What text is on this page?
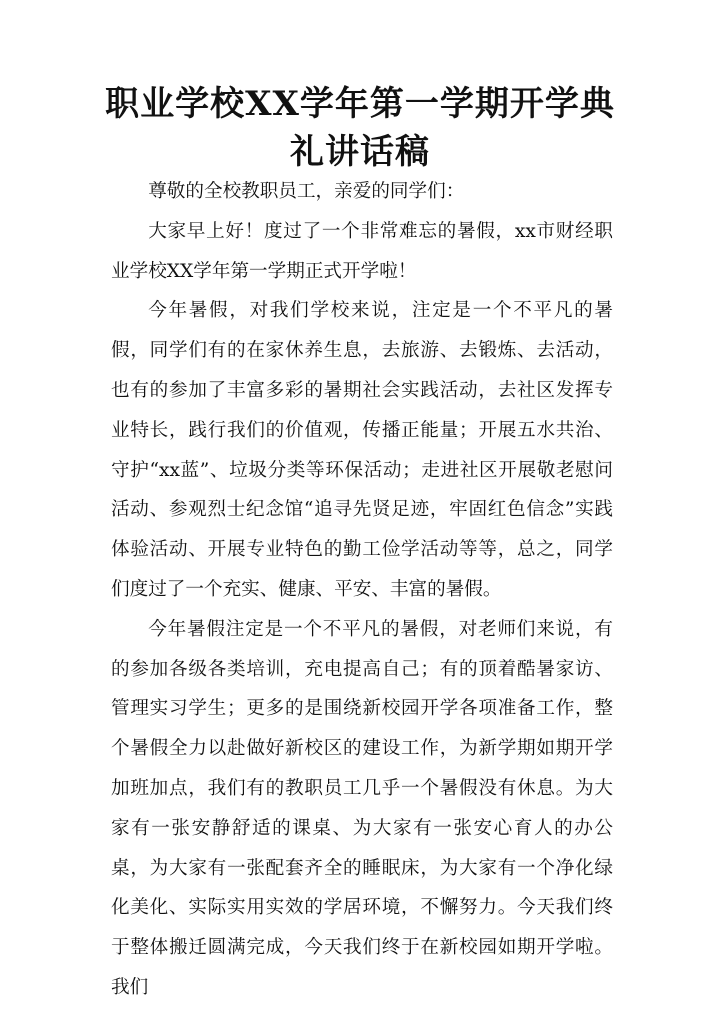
职业学校XX学年第一学期开学典礼讲话稿

尊敬的全校教职员工，亲爱的同学们：

大家早上好！度过了一个非常难忘的暑假，xx市财经职业学校XX学年第一学期正式开学啦！

今年暑假，对我们学校来说，注定是一个不平凡的暑假，同学们有的在家休养生息，去旅游、去锻炼、去活动，也有的参加了丰富多彩的暑期社会实践活动，去社区发挥专业特长，践行我们的价值观，传播正能量；开展五水共治、守护“xx蓝”、垃圾分类等环保活动；走进社区开展敬老慰问活动、参观烈士纪念馆“追寻先贤足迹，牢固红色信念”实践体验活动、开展专业特色的勤工俭学活动等等，总之，同学们度过了一个充实、健康、平安、丰富的暑假。

今年暑假注定是一个不平凡的暑假，对老师们来说，有的参加各级各类培训，充电提高自己；有的顶着酷暑家访、管理实习学生；更多的是围绕新校园开学各项准备工作，整个暑假全力以赴做好新校区的建设工作，为新学期如期开学加班加点，我们有的教职员工几乎一个暑假没有休息。为大家有一张安静舒适的课桌、为大家有一张安心育人的办公桌，为大家有一张配套齐全的睡眠床，为大家有一个净化绿化美化、实际实用实效的学居环境，不懈努力。今天我们终于整体搬迁圆满完成，今天我们终于在新校园如期开学啦。我们
